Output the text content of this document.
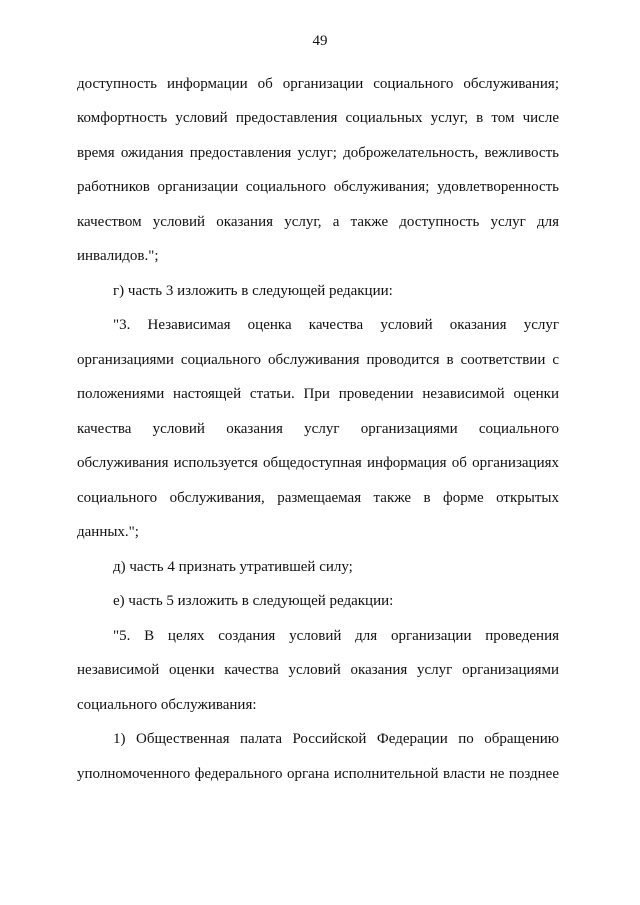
49
доступность информации об организации социального обслуживания;
комфортность условий предоставления социальных услуг, в том числе
время ожидания предоставления услуг; доброжелательность, вежливость
работников организации социального обслуживания; удовлетворенность
качеством условий оказания услуг, а также доступность услуг для
инвалидов.";
г) часть 3 изложить в следующей редакции:
"3. Независимая оценка качества условий оказания услуг
организациями социального обслуживания проводится в соответствии с
положениями настоящей статьи. При проведении независимой оценки
качества условий оказания услуг организациями социального
обслуживания используется общедоступная информация об организациях
социального обслуживания, размещаемая также в форме открытых
данных.";
д) часть 4 признать утратившей силу;
е) часть 5 изложить в следующей редакции:
"5. В целях создания условий для организации проведения
независимой оценки качества условий оказания услуг организациями
социального обслуживания:
1) Общественная палата Российской Федерации по обращению
уполномоченного федерального органа исполнительной власти не позднее
